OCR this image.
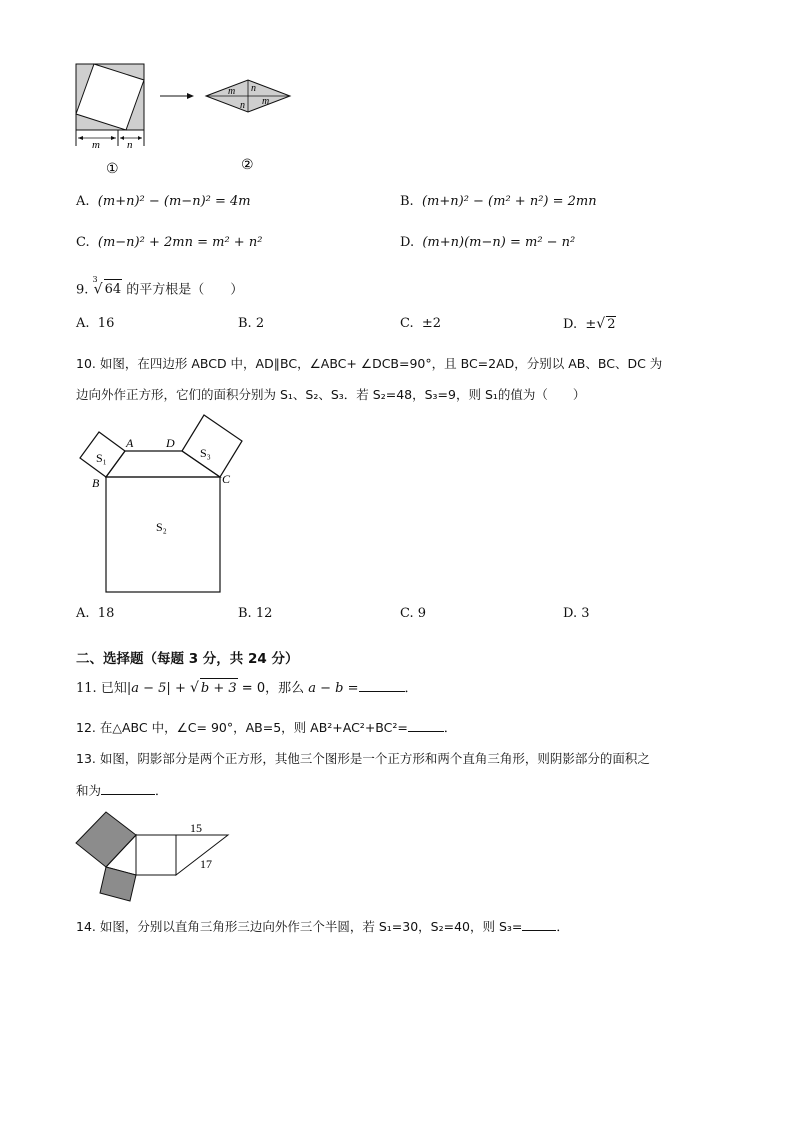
m n
①
m n
m
n
②
A. (m+n)² − (m−n)² = 4m	B. (m+n)² − (m² + n²) = 2mn
C. (m−n)² + 2mn = m² + n²	D. (m+n)(m−n) = m² − n²
9. $^3$√ 64 的平方根是（　　）
A. 16	B. 2	C. ±2	D. ±√ 2
10. 如图，在四边形 ABCD 中，AD∥BC，∠ABC+ ∠DCB=90°，且 BC=2AD，分别以 AB、BC、DC 为
边向外作正方形，它们的面积分别为 S₁、S₂、S₃．若 S₂=48，S₃=9，则 S₁的值为（　　）
S₁	S₃
S₂
A	D
B	C
A. 18	B. 12	C. 9	D. 3
二、选择题（每题 3 分，共 24 分）
11. 已知|a − 5| + √ b + 3 = 0，那么 a − b =	．
12. 在△ABC 中，∠C= 90°，AB=5，则 AB²+AC²+BC²=	．
13. 如图，阴影部分是两个正方形，其他三个图形是一个正方形和两个直角三角形，则阴影部分的面积之
和为	．
15
17
14. 如图，分别以直角三角形三边向外作三个半圆，若 S₁=30，S₂=40，则 S₃=	．
